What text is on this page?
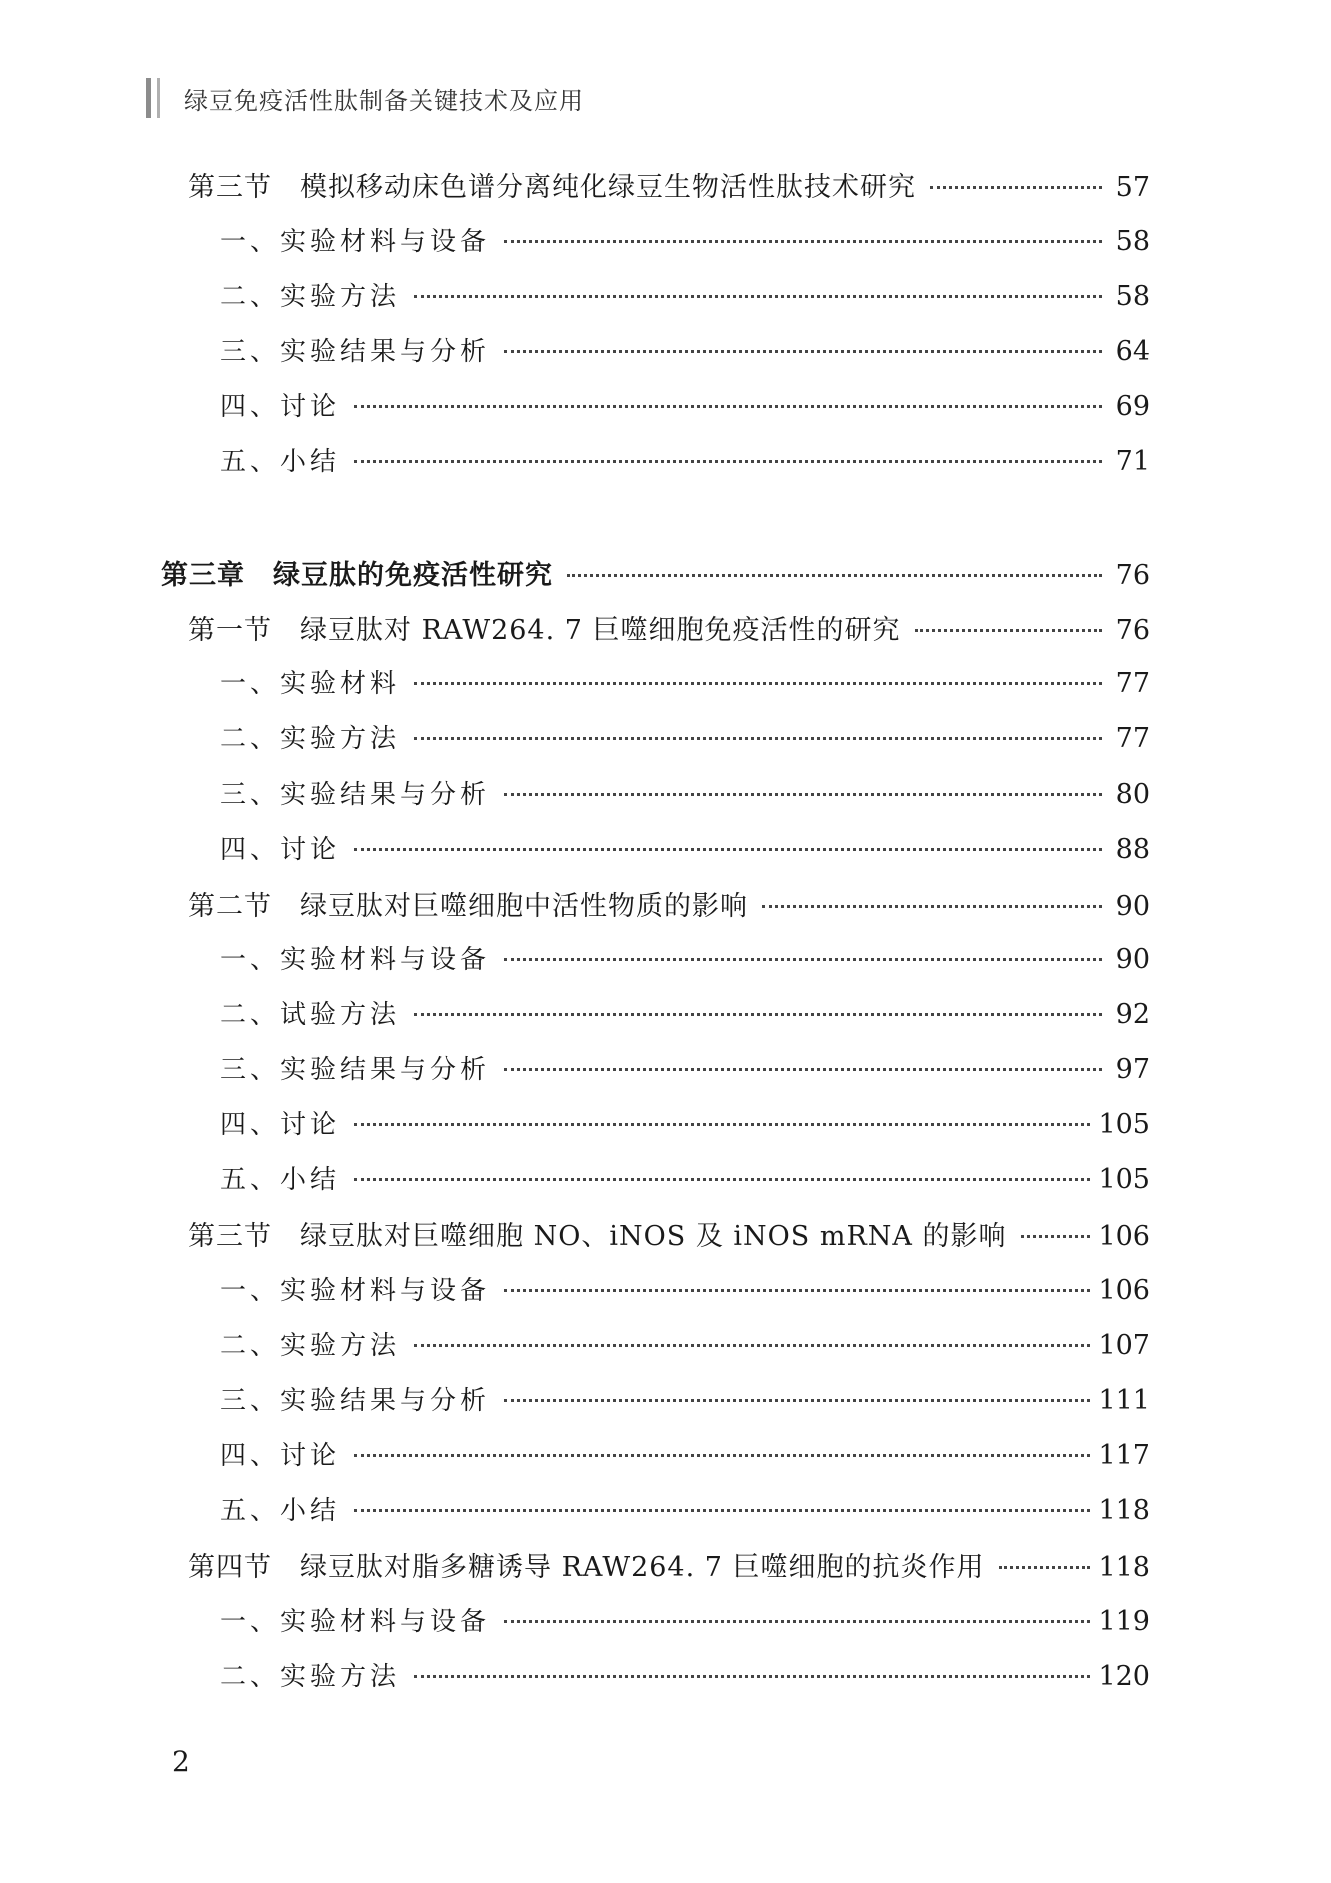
绿豆免疫活性肽制备关键技术及应用
第三节　模拟移动床色谱分离纯化绿豆生物活性肽技术研究	57
一、实验材料与设备	58
二、实验方法	58
三、实验结果与分析	64
四、讨论	69
五、小结	71
第三章　绿豆肽的免疫活性研究	76
第一节　绿豆肽对 RAW264. 7 巨噬细胞免疫活性的研究	76
一、实验材料	77
二、实验方法	77
三、实验结果与分析	80
四、讨论	88
第二节　绿豆肽对巨噬细胞中活性物质的影响	90
一、实验材料与设备	90
二、试验方法	92
三、实验结果与分析	97
四、讨论	105
五、小结	105
第三节　绿豆肽对巨噬细胞 NO、iNOS 及 iNOS mRNA 的影响	106
一、实验材料与设备	106
二、实验方法	107
三、实验结果与分析	111
四、讨论	117
五、小结	118
第四节　绿豆肽对脂多糖诱导 RAW264. 7 巨噬细胞的抗炎作用	118
一、实验材料与设备	119
二、实验方法	120
2
